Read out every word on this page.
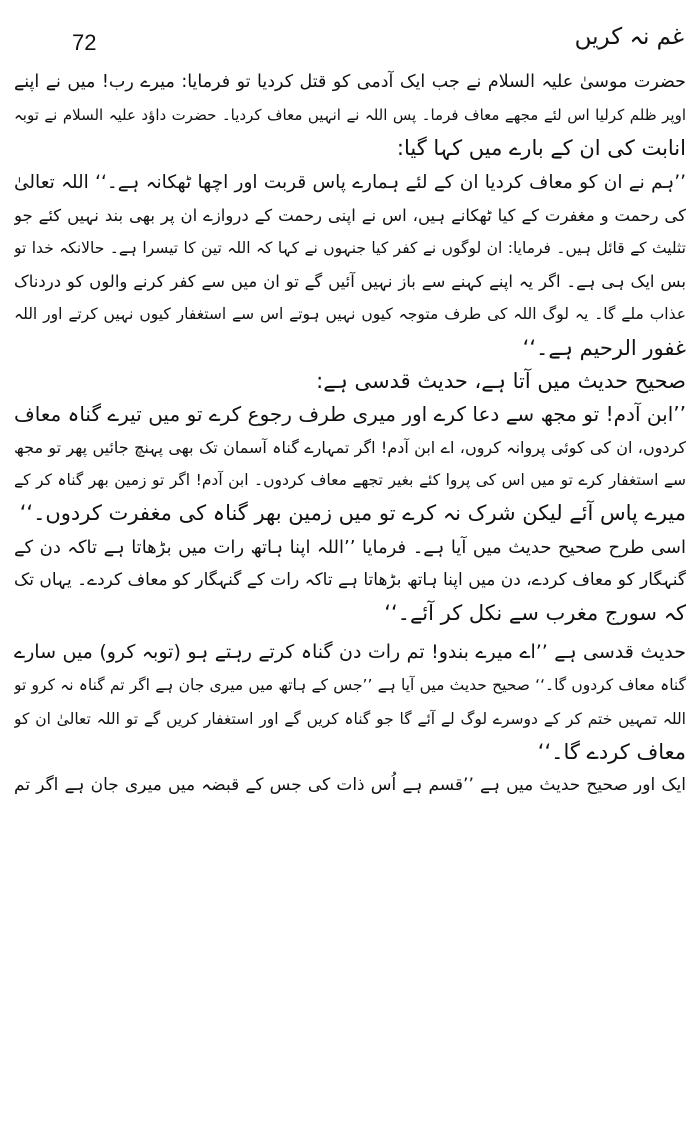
72	غم نہ کریں
حضرت موسیٰ علیہ السلام نے جب ایک آدمی کو قتل کردیا تو فرمایا: میرے رب! میں نے اپنے
اوپر ظلم کرلیا اس لئے مجھے معاف فرما۔ پس اللہ نے انہیں معاف کردیا۔ حضرت داؤد علیہ السلام نے توبہ
انابت کی ان کے بارے میں کہا گیا:
’’ہم نے ان کو معاف کردیا ان کے لئے ہمارے پاس قربت اور اچھا ٹھکانہ ہے۔‘‘ اللہ تعالیٰ
کی رحمت و مغفرت کے کیا ٹھکانے ہیں، اس نے اپنی رحمت کے دروازے ان پر بھی بند نہیں کئے جو
تثلیث کے قائل ہیں۔ فرمایا: ان لوگوں نے کفر کیا جنہوں نے کہا کہ اللہ تین کا تیسرا ہے۔ حالانکہ خدا تو
بس ایک ہی ہے۔ اگر یہ اپنے کہنے سے باز نہیں آئیں گے تو ان میں سے کفر کرنے والوں کو دردناک
عذاب ملے گا۔ یہ لوگ اللہ کی طرف متوجہ کیوں نہیں ہوتے اس سے استغفار کیوں نہیں کرتے اور اللہ
غفور الرحیم ہے۔‘‘
صحیح حدیث میں آتا ہے، حدیث قدسی ہے:
’’ابن آدم! تو مجھ سے دعا کرے اور میری طرف رجوع کرے تو میں تیرے گناہ معاف
کردوں، ان کی کوئی پروانہ کروں، اے ابن آدم! اگر تمہارے گناہ آسمان تک بھی پہنچ جائیں پھر تو مجھ
سے استغفار کرے تو میں اس کی پروا کئے بغیر تجھے معاف کردوں۔ ابن آدم! اگر تو زمین بھر گناہ کر کے
میرے پاس آئے لیکن شرک نہ کرے تو میں زمین بھر گناہ کی مغفرت کردوں۔‘‘
اسی طرح صحیح حدیث میں آیا ہے۔ فرمایا ’’اللہ اپنا ہاتھ رات میں بڑھاتا ہے تاکہ دن کے
گنہگار کو معاف کردے، دن میں اپنا ہاتھ بڑھاتا ہے تاکہ رات کے گنہگار کو معاف کردے۔ یہاں تک
کہ سورج مغرب سے نکل کر آئے۔‘‘
حدیث قدسی ہے ’’اے میرے بندو! تم رات دن گناہ کرتے رہتے ہو (توبہ کرو) میں سارے
گناہ معاف کردوں گا۔‘‘ صحیح حدیث میں آیا ہے ’’جس کے ہاتھ میں میری جان ہے اگر تم گناہ نہ کرو تو
اللہ تمہیں ختم کر کے دوسرے لوگ لے آئے گا جو گناہ کریں گے اور استغفار کریں گے تو اللہ تعالیٰ ان کو
معاف کردے گا۔‘‘
ایک اور صحیح حدیث میں ہے ’’قسم ہے اُس ذات کی جس کے قبضہ میں میری جان ہے اگر تم
